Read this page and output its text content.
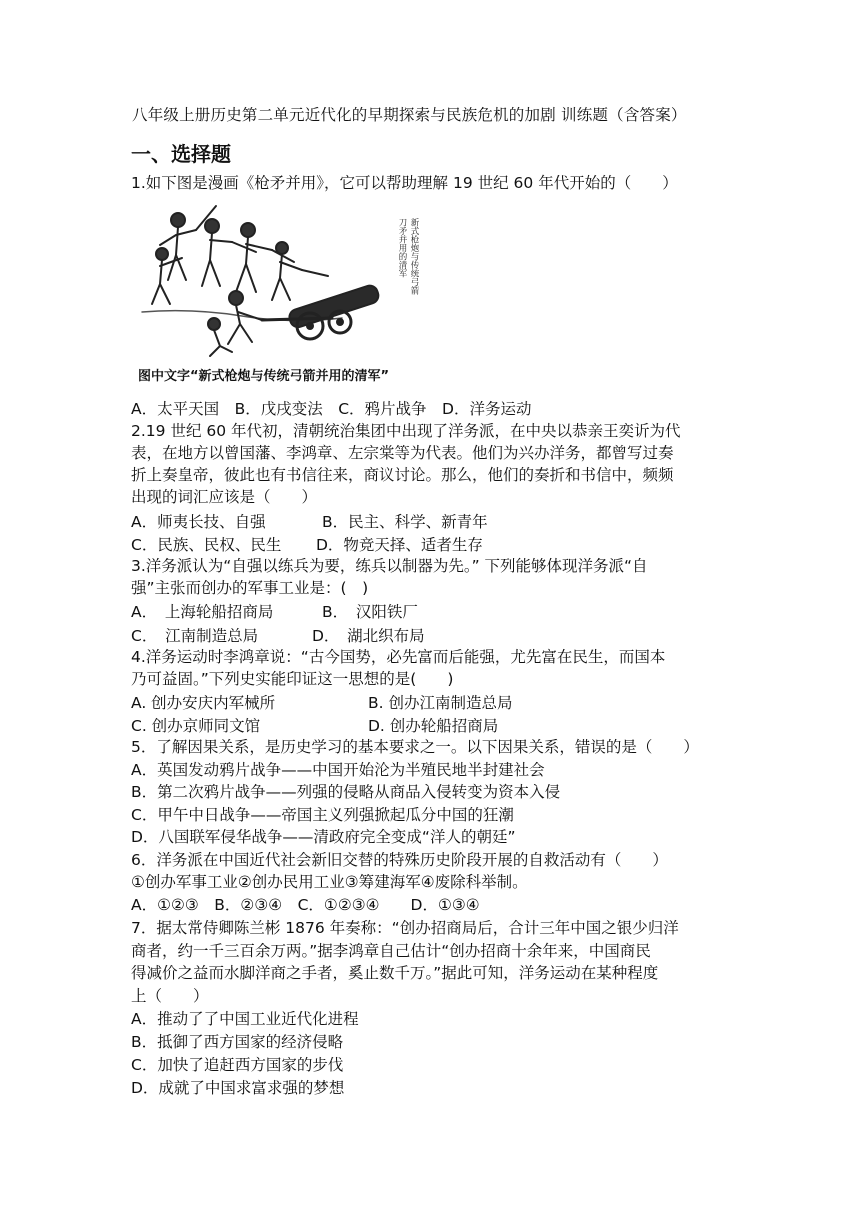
八年级上册历史第二单元近代化的早期探索与民族危机的加剧 训练题（含答案）
一、选择题
1.如下图是漫画《枪矛并用》，它可以帮助理解 19 世纪 60 年代开始的（　　）
新式枪炮与传统弓箭
刀矛并用的清军
图中文字“新式枪炮与传统弓箭并用的清军”
A．太平天国　B．戊戌变法　C．鸦片战争　D．洋务运动
2.19 世纪 60 年代初，清朝统治集团中出现了洋务派，在中央以恭亲王奕䜣为代
表，在地方以曾国藩、李鸿章、左宗棠等为代表。他们为兴办洋务，都曾写过奏
折上奏皇帝，彼此也有书信往来，商议讨论。那么，他们的奏折和书信中，频频
出现的词汇应该是（　　）
A．师夷长技、自强	B．民主、科学、新青年
C．民族、民权、民生 D．物竞天择、适者生存
3.洋务派认为“自强以练兵为要，练兵以制器为先。” 下列能够体现洋务派“自
强”主张而创办的军事工业是：(　)
A．　上海轮船招商局	B．　汉阳铁厂
C．　江南制造总局	D．　湖北织布局
4.洋务运动时李鸿章说：“古今国势，必先富而后能强，尤先富在民生，而国本
乃可益固。”下列史实能印证这一思想的是(　　)
A. 创办安庆内军械所	B. 创办江南制造总局
C. 创办京师同文馆	D. 创办轮船招商局
5．了解因果关系，是历史学习的基本要求之一。以下因果关系，错误的是（　　）
A．英国发动鸦片战争——中国开始沦为半殖民地半封建社会
B．第二次鸦片战争——列强的侵略从商品入侵转变为资本入侵
C．甲午中日战争——帝国主义列强掀起瓜分中国的狂潮
D．八国联军侵华战争——清政府完全变成“洋人的朝廷”
6．洋务派在中国近代社会新旧交替的特殊历史阶段开展的自救活动有（　　）
①创办军事工业②创办民用工业③筹建海军④废除科举制。
A．①②③　B．②③④　C．①②③④　　D．①③④
7．据太常侍卿陈兰彬 1876 年奏称：“创办招商局后，合计三年中国之银少归洋
商者，约一千三百余万两。”据李鸿章自己估计“创办招商十余年来，中国商民
得减价之益而水脚洋商之手者，奚止数千万。”据此可知，洋务运动在某种程度
上（　　）
A．推动了了中国工业近代化进程
B．抵御了西方国家的经济侵略
C．加快了追赶西方国家的步伐
D．成就了中国求富求强的梦想
